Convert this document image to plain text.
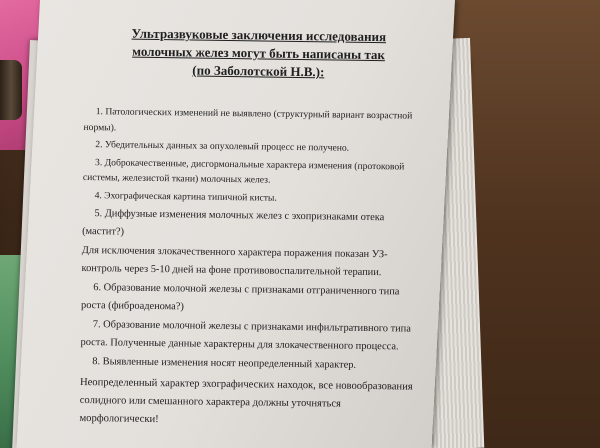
Ультразвуковые заключения исследования
молочных желез могут быть написаны так
(по Заболотской Н.В.):
1. Патологических изменений не выявлено (структурный вариант возрастной нормы).
2. Убедительных данных за опухолевый процесс не получено.
3. Доброкачественные, дисгормональные характера изменения (протоковой системы, железистой ткани) молочных желез.
4. Эхографическая картина типичной кисты.
5. Диффузные изменения молочных желез с эхопризнаками отека (мастит?)
Для исключения злокачественного характера поражения показан УЗ-контроль через 5-10 дней на фоне противовоспалительной терапии.
6. Образование молочной железы с признаками отграниченного типа роста (фиброаденома?)
7. Образование молочной железы с признаками инфильтративного типа роста. Полученные данные характерны для злокачественного процесса.
8. Выявленные изменения носят неопределенный характер.
Неопределенный характер эхографических находок, все новообразования солидного или смешанного характера должны уточняться морфологически!
